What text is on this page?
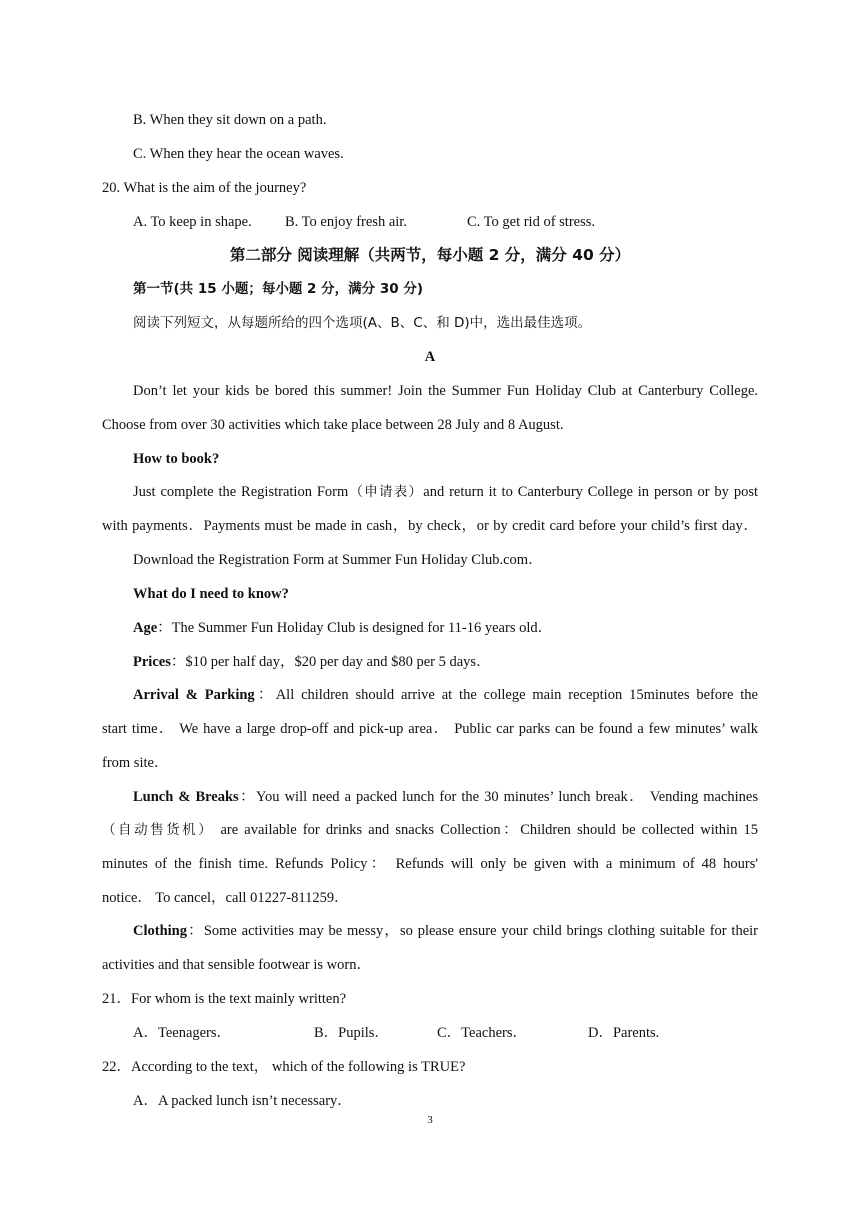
B. When they sit down on a path.
C. When they hear the ocean waves.
20. What is the aim of the journey?
A. To keep in shape. B. To enjoy fresh air.	C. To get rid of stress.
第二部分 阅读理解（共两节，每小题 2 分，满分 40 分）
第一节(共 15 小题；每小题 2 分，满分 30 分)
阅读下列短文，从每题所给的四个选项(A、B、C、和 D)中，选出最佳选项。
A
Don’t let your kids be bored this summer! Join the Summer Fun Holiday Club at Canterbury College.
Choose from over 30 activities which take place between 28 July and 8 August.
How to book?
Just complete the Registration Form（申请表）and return it to Canterbury College in person or by post
with payments．Payments must be made in cash，by check，or by credit card before your child’s first day．
Download the Registration Form at Summer Fun Holiday Club.com．
What do I need to know?
Age：The Summer Fun Holiday Club is designed for 11-16 years old．
Prices：$10 per half day，$20 per day and $80 per 5 days．
Arrival & Parking：All children should arrive at the college main reception 15minutes before the
start time． We have a large drop-off and pick-up area． Public car parks can be found a few minutes’ walk
from site．
Lunch & Breaks：You will need a packed lunch for the 30 minutes’ lunch break． Vending machines
（自动售货机） are available for drinks and snacks Collection：Children should be collected within 15
minutes of the finish time. Refunds Policy： Refunds will only be given with a minimum of 48 hours'
notice． To cancel，call 01227-811259．
Clothing：Some activities may be messy，so please ensure your child brings clothing suitable for their
activities and that sensible footwear is worn．
21．For whom is the text mainly written?
A．Teenagers．	B．Pupils．	C．Teachers．	D．Parents.
22．According to the text， which of the following is TRUE?
A．A packed lunch isn’t necessary．
3
